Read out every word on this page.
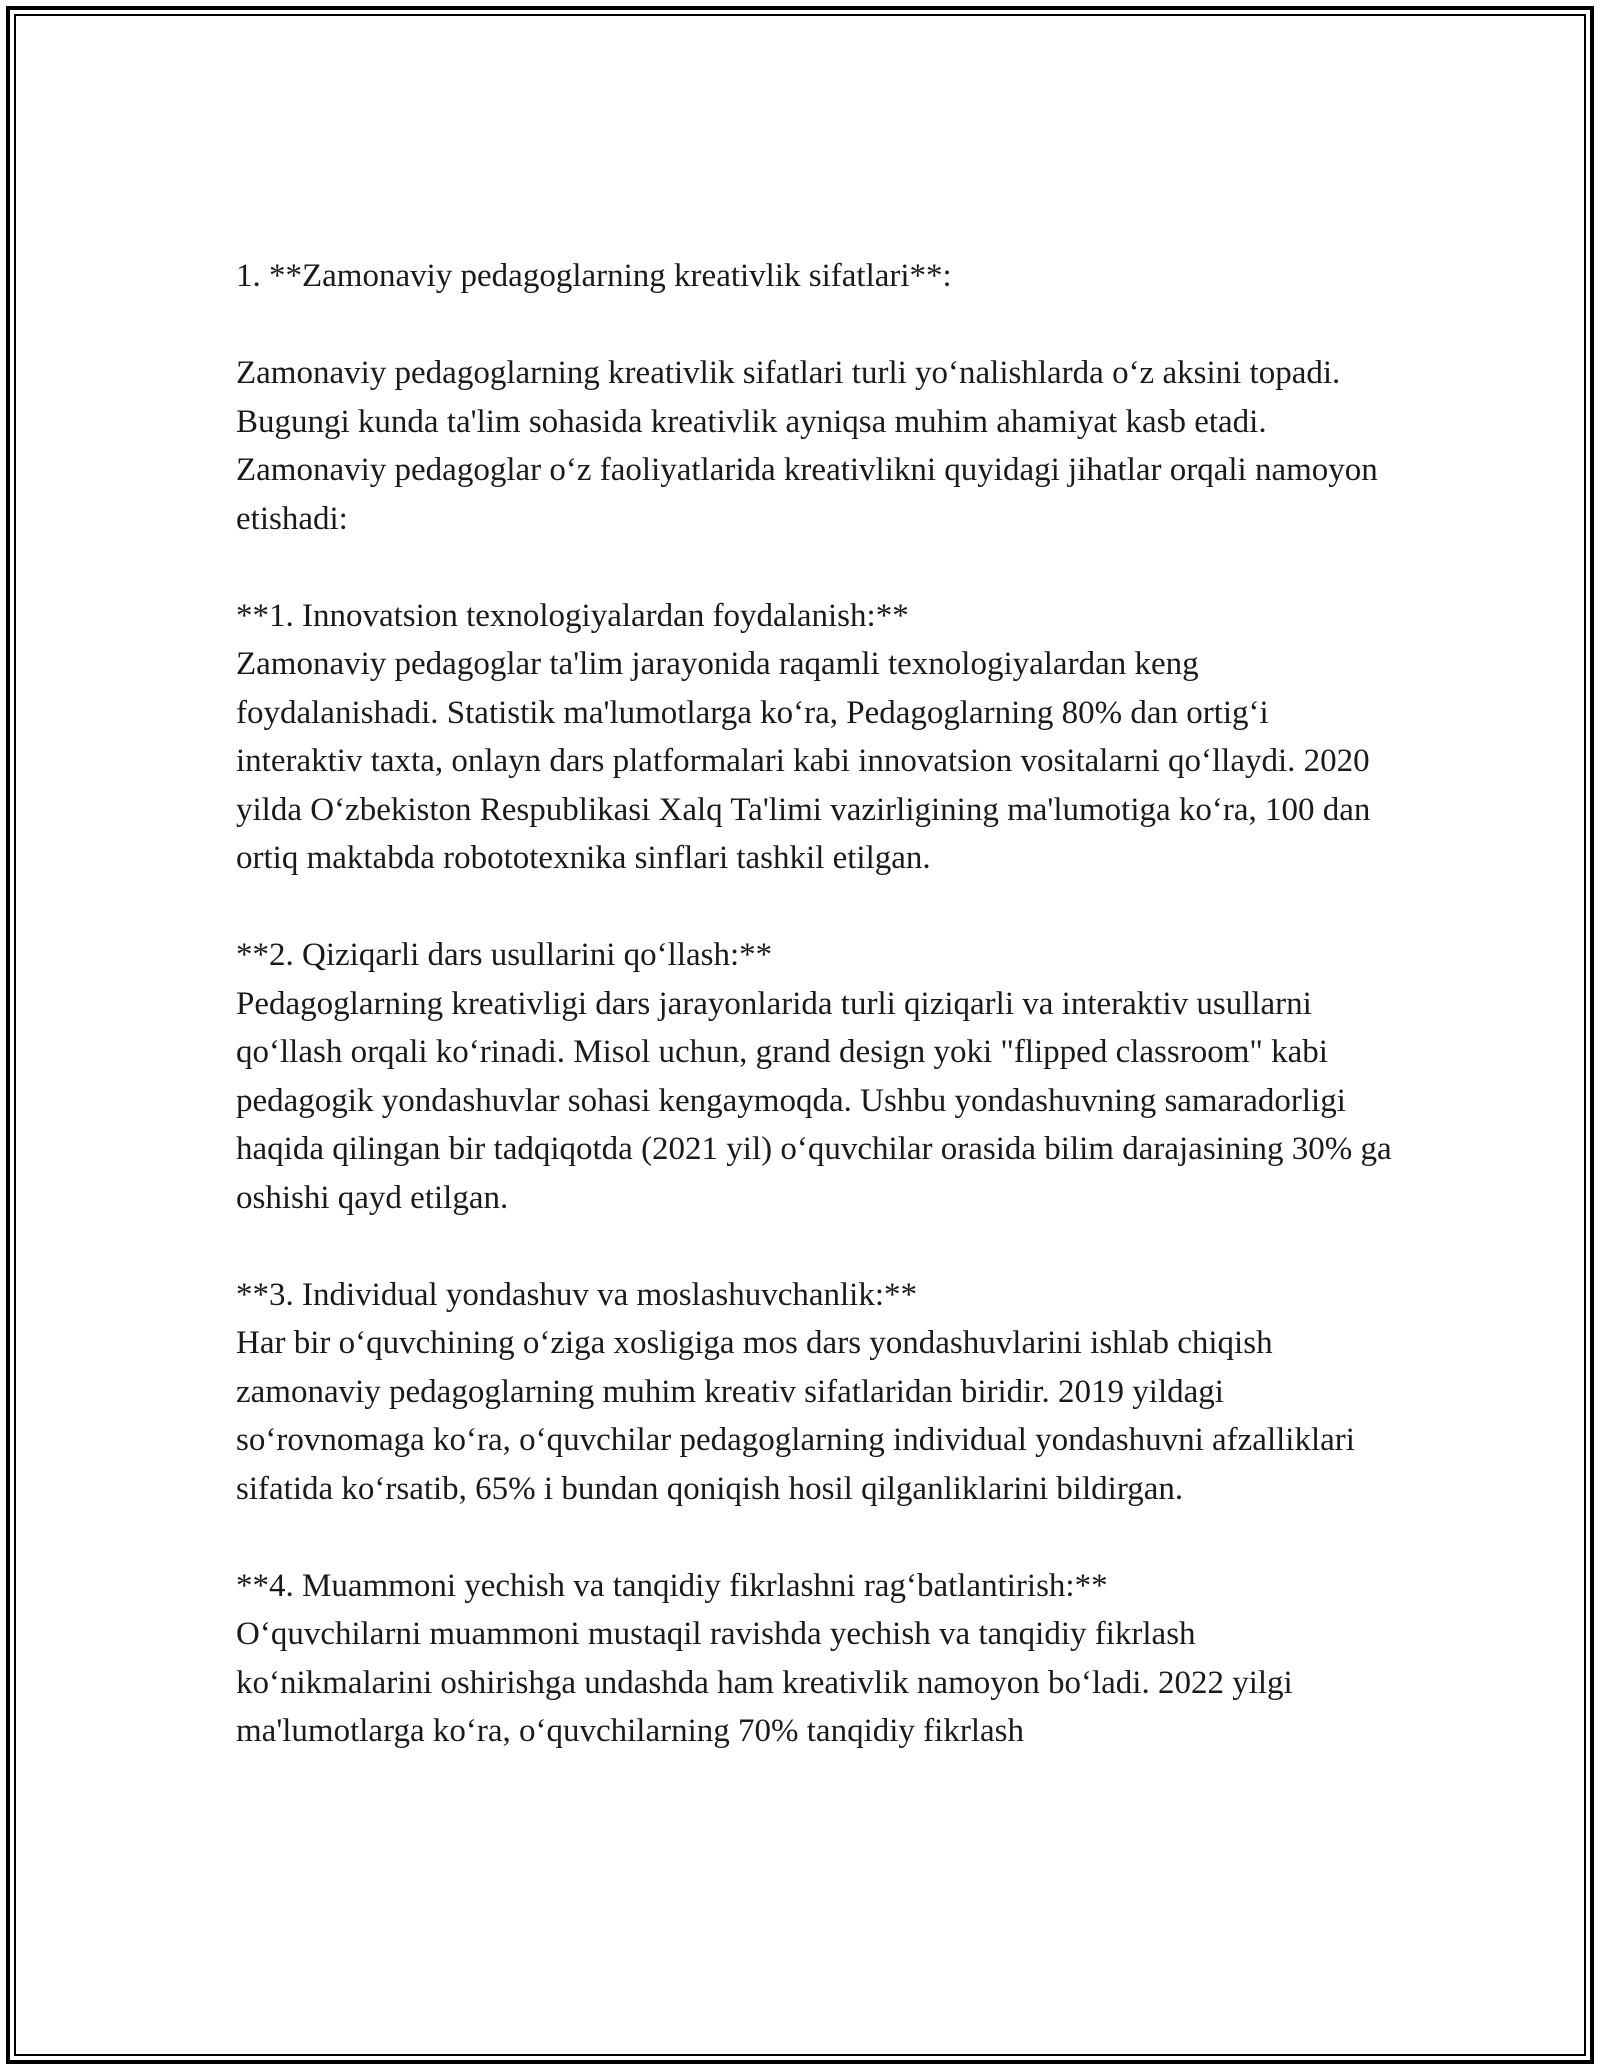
1. **Zamonaviy pedagoglarning kreativlik sifatlari**:

Zamonaviy pedagoglarning kreativlik sifatlari turli yo‘nalishlarda o‘z aksini topadi. Bugungi kunda ta'lim sohasida kreativlik ayniqsa muhim ahamiyat kasb etadi. Zamonaviy pedagoglar o‘z faoliyatlarida kreativlikni quyidagi jihatlar orqali namoyon etishadi:

**1. Innovatsion texnologiyalardan foydalanish:**

Zamonaviy pedagoglar ta'lim jarayonida raqamli texnologiyalardan keng foydalanishadi. Statistik ma'lumotlarga ko‘ra, Pedagoglarning 80% dan ortig‘i interaktiv taxta, onlayn dars platformalari kabi innovatsion vositalarni qo‘llaydi. 2020 yilda O‘zbekiston Respublikasi Xalq Ta'limi vazirligining ma'lumotiga ko‘ra, 100 dan ortiq maktabda robototexnika sinflari tashkil etilgan.

**2. Qiziqarli dars usullarini qo‘llash:**

Pedagoglarning kreativligi dars jarayonlarida turli qiziqarli va interaktiv usullarni qo‘llash orqali ko‘rinadi. Misol uchun, grand design yoki "flipped classroom" kabi pedagogik yondashuvlar sohasi kengaymoqda. Ushbu yondashuvning samaradorligi haqida qilingan bir tadqiqotda (2021 yil) o‘quvchilar orasida bilim darajasining 30% ga oshishi qayd etilgan.

**3. Individual yondashuv va moslashuvchanlik:**

Har bir o‘quvchining o‘ziga xosligiga mos dars yondashuvlarini ishlab chiqish zamonaviy pedagoglarning muhim kreativ sifatlaridan biridir. 2019 yildagi so‘rovnomaga ko‘ra, o‘quvchilar pedagoglarning individual yondashuvni afzalliklari sifatida ko‘rsatib, 65% i bundan qoniqish hosil qilganliklarini bildirgan.

**4. Muammoni yechish va tanqidiy fikrlashni rag‘batlantirish:**

O‘quvchilarni muammoni mustaqil ravishda yechish va tanqidiy fikrlash ko‘nikmalarini oshirishga undashda ham kreativlik namoyon bo‘ladi. 2022 yilgi ma'lumotlarga ko‘ra, o‘quvchilarning 70% tanqidiy fikrlash
